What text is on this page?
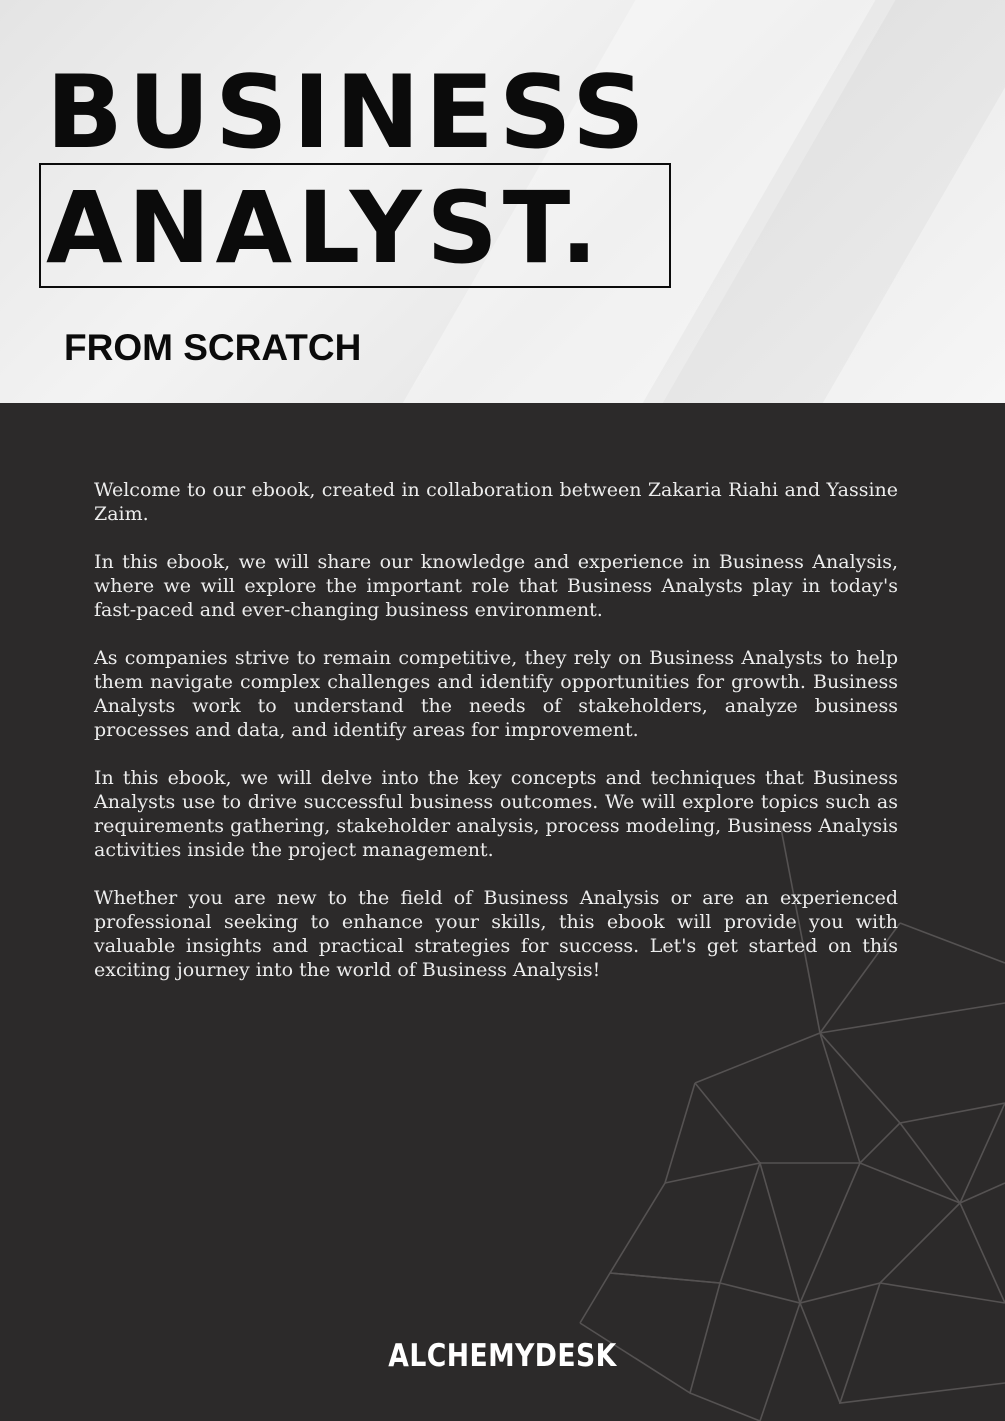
BUSINESS
ANALYST.
FROM SCRATCH

Welcome to our ebook, created in collaboration between Zakaria Riahi and Yassine Zaim.

In this ebook, we will share our knowledge and experience in Business Analysis, where we will explore the important role that Business Analysts play in today's fast-paced and ever-changing business environment.

As companies strive to remain competitive, they rely on Business Analysts to help them navigate complex challenges and identify opportunities for growth. Business Analysts work to understand the needs of stakeholders, analyze business processes and data, and identify areas for improvement.

In this ebook, we will delve into the key concepts and techniques that Business Analysts use to drive successful business outcomes. We will explore topics such as requirements gathering, stakeholder analysis, process modeling, Business Analysis activities inside the project management.

Whether you are new to the field of Business Analysis or are an experienced professional seeking to enhance your skills, this ebook will provide you with valuable insights and practical strategies for success. Let's get started on this exciting journey into the world of Business Analysis!

ALCHEMYDESK
